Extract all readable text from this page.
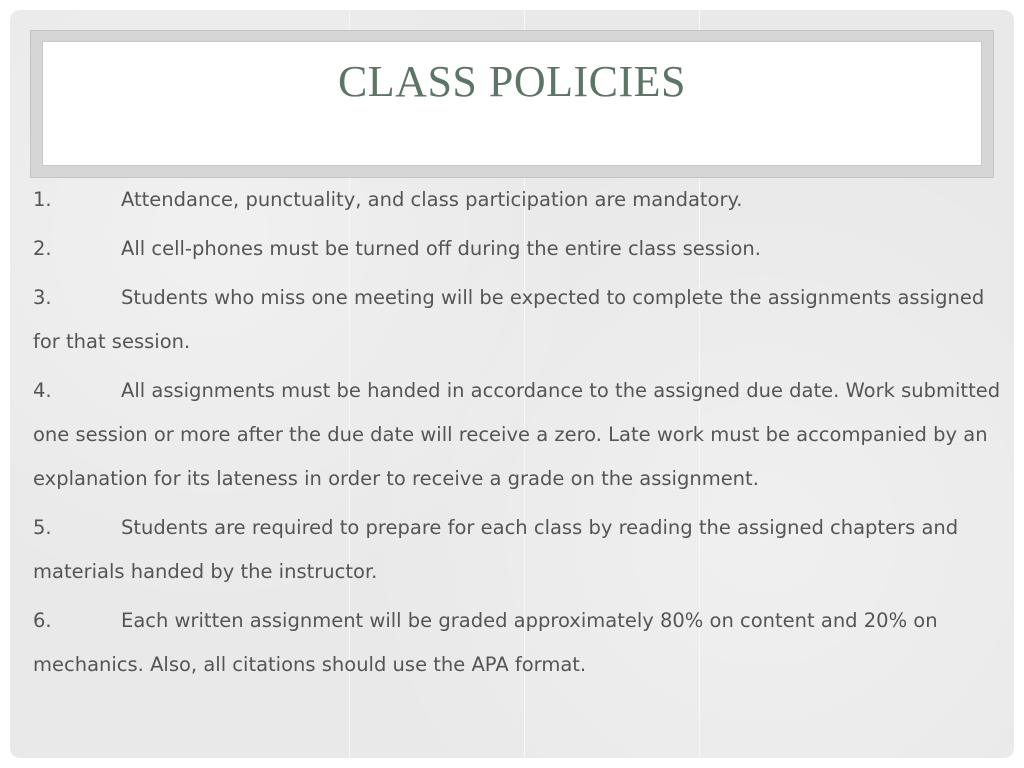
CLASS POLICIES

1.	Attendance, punctuality, and class participation are mandatory.

2.	All cell-phones must be turned off during the entire class session.

3.	Students who miss one meeting will be expected to complete the assignments assigned for that session.

4.	All assignments must be handed in accordance to the assigned due date. Work submitted one session or more after the due date will receive a zero. Late work must be accompanied by an explanation for its lateness in order to receive a grade on the assignment.

5.	Students are required to prepare for each class by reading the assigned chapters and materials handed by the instructor.

6.	Each written assignment will be graded approximately 80% on content and 20% on mechanics. Also, all citations should use the APA format.
